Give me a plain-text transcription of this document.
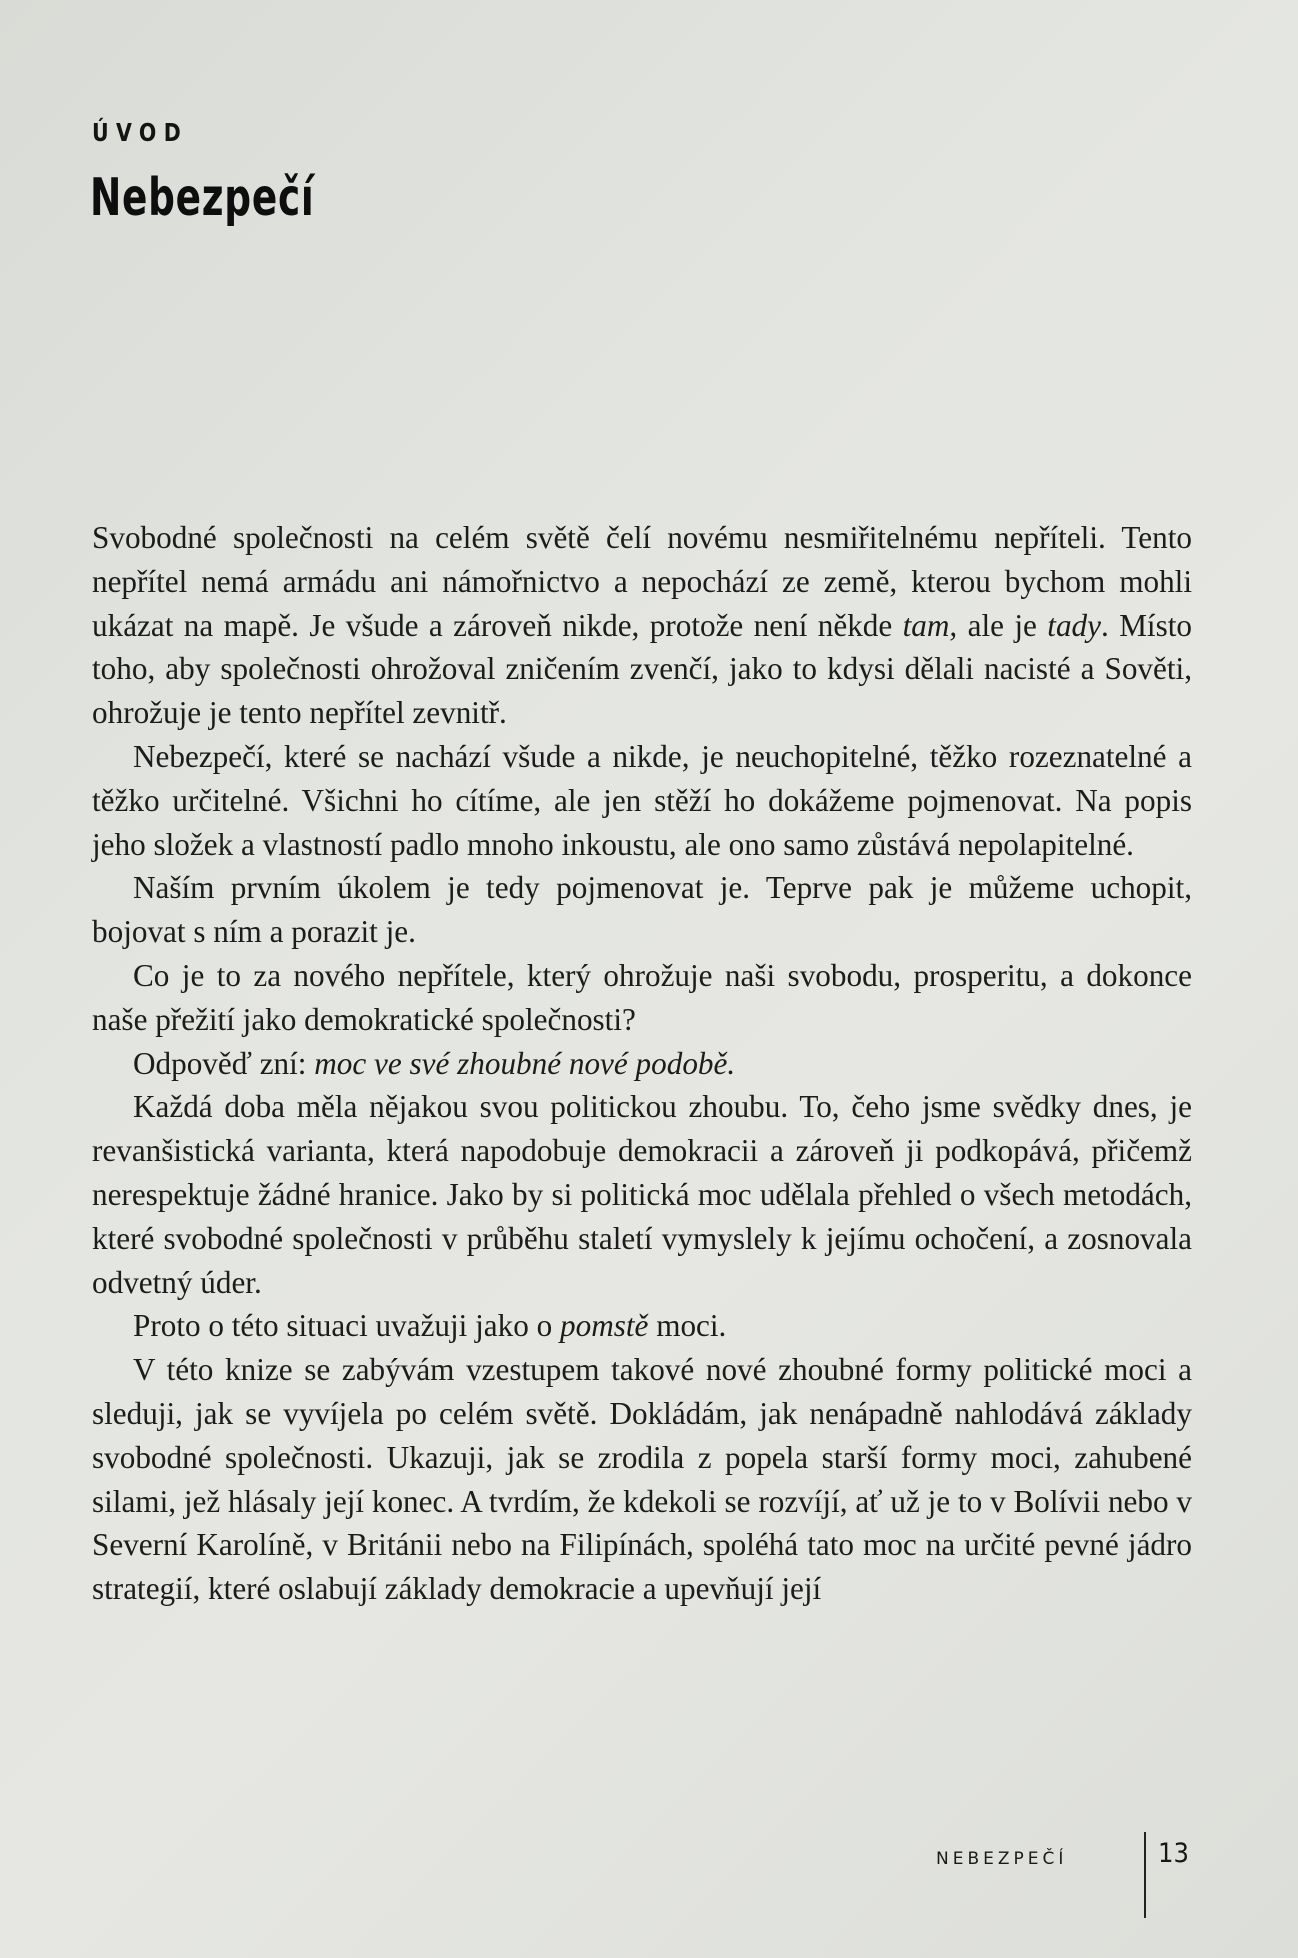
ÚVOD
Nebezpečí

Svobodné společnosti na celém světě čelí novému nesmiřitelnému nepříteli. Tento nepřítel nemá armádu ani námořnictvo a nepochází ze země, kterou bychom mohli ukázat na mapě. Je všude a zároveň nikde, protože není někde tam, ale je tady. Místo toho, aby společnosti ohrožoval zničením zvenčí, jako to kdysi dělali nacisté a Sověti, ohrožuje je tento nepřítel zevnitř.

Nebezpečí, které se nachází všude a nikde, je neuchopitelné, těžko rozeznatelné a těžko určitelné. Všichni ho cítíme, ale jen stěží ho dokážeme pojmenovat. Na popis jeho složek a vlastností padlo mnoho inkoustu, ale ono samo zůstává nepolapitelné.

Naším prvním úkolem je tedy pojmenovat je. Teprve pak je můžeme uchopit, bojovat s ním a porazit je.

Co je to za nového nepřítele, který ohrožuje naši svobodu, prosperitu, a dokonce naše přežití jako demokratické společnosti?

Odpověď zní: moc ve své zhoubné nové podobě.

Každá doba měla nějakou svou politickou zhoubu. To, čeho jsme svědky dnes, je revanšistická varianta, která napodobuje demokracii a zároveň ji podkopává, přičemž nerespektuje žádné hranice. Jako by si politická moc udělala přehled o všech metodách, které svobodné společnosti v průběhu staletí vymyslely k jejímu ochočení, a zosnovala odvetný úder.

Proto o této situaci uvažuji jako o pomstě moci.

V této knize se zabývám vzestupem takové nové zhoubné formy politické moci a sleduji, jak se vyvíjela po celém světě. Dokládám, jak nenápadně nahlodává základy svobodné společnosti. Ukazuji, jak se zrodila z popela starší formy moci, zahubené silami, jež hlásaly její konec. A tvrdím, že kdekoli se rozvíjí, ať už je to v Bolívii nebo v Severní Karolíně, v Británii nebo na Filipínách, spoléhá tato moc na určité pevné jádro strategií, které oslabují základy demokracie a upevňují její

NEBEZPEČÍ	13
